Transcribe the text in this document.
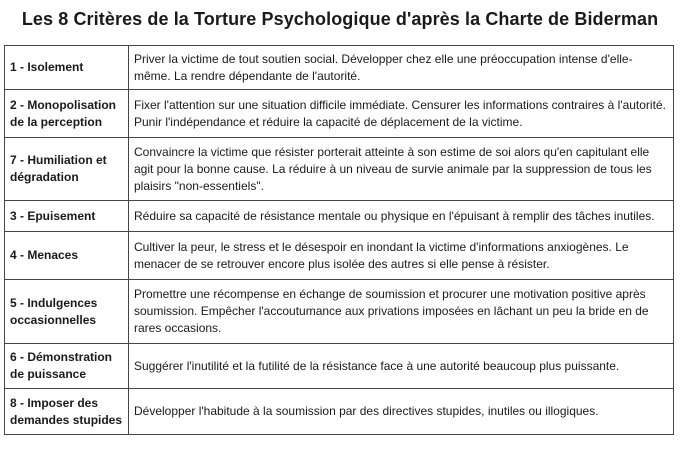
Les 8 Critères de la Torture Psychologique d'après la Charte de Biderman
1 - Isolement	Priver la victime de tout soutien social. Développer chez elle une préoccupation intense d'elle-même. La rendre dépendante de l'autorité.
2 - Monopolisation de la perception	Fixer l'attention sur une situation difficile immédiate. Censurer les informations contraires à l'autorité. Punir l'indépendance et réduire la capacité de déplacement de la victime.
7 - Humiliation et dégradation	Convaincre la victime que résister porterait atteinte à son estime de soi alors qu'en capitulant elle agit pour la bonne cause. La réduire à un niveau de survie animale par la suppression de tous les plaisirs "non-essentiels".
3 - Epuisement	Réduire sa capacité de résistance mentale ou physique en l'épuisant à remplir des tâches inutiles.
4 - Menaces	Cultiver la peur, le stress et le désespoir en inondant la victime d'informations anxiogènes. Le menacer de se retrouver encore plus isolée des autres si elle pense à résister.
5 - Indulgences occasionnelles	Promettre une récompense en échange de soumission et procurer une motivation positive après soumission. Empêcher l'accoutumance aux privations imposées en lâchant un peu la bride en de rares occasions.
6 - Démonstration de puissance	Suggérer l'inutilité et la futilité de la résistance face à une autorité beaucoup plus puissante.
8 - Imposer des demandes stupides	Développer l'habitude à la soumission par des directives stupides, inutiles ou illogiques.
